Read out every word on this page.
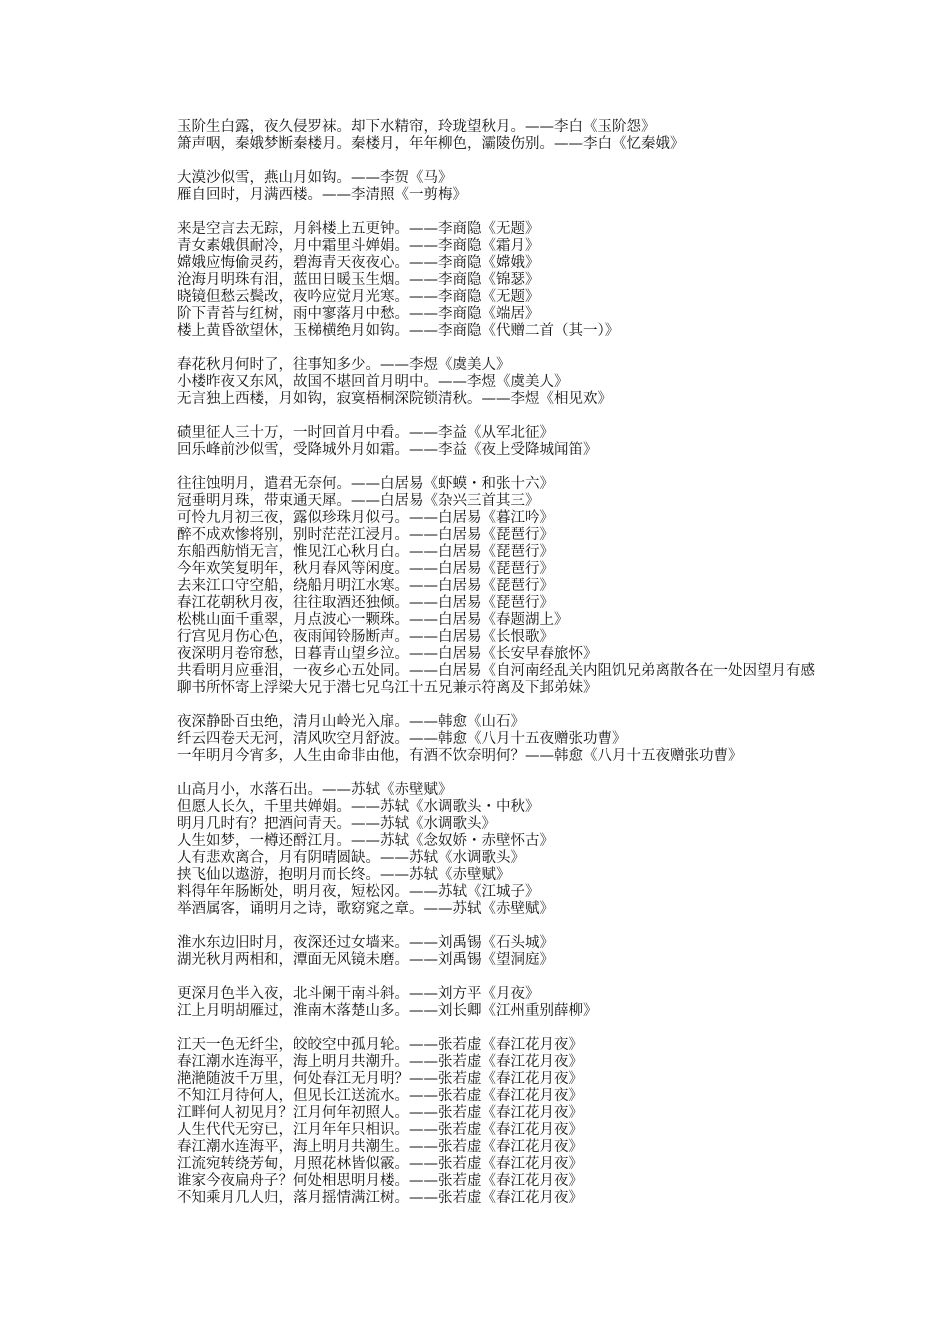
玉阶生白露，夜久侵罗袜。却下水精帘，玲珑望秋月。——李白《玉阶怨》
箫声咽，秦娥梦断秦楼月。秦楼月，年年柳色，灞陵伤别。——李白《忆秦娥》
大漠沙似雪，燕山月如钩。——李贺《马》
雁自回时，月满西楼。——李清照《一剪梅》
来是空言去无踪，月斜楼上五更钟。——李商隐《无题》
青女素娥俱耐冷，月中霜里斗婵娟。——李商隐《霜月》
嫦娥应悔偷灵药，碧海青天夜夜心。——李商隐《嫦娥》
沧海月明珠有泪，蓝田日暖玉生烟。——李商隐《锦瑟》
晓镜但愁云鬓改，夜吟应觉月光寒。——李商隐《无题》
阶下青苔与红树，雨中寥落月中愁。——李商隐《端居》
楼上黄昏欲望休，玉梯横绝月如钩。——李商隐《代赠二首（其一）》
春花秋月何时了，往事知多少。——李煜《虞美人》
小楼昨夜又东风，故国不堪回首月明中。——李煜《虞美人》
无言独上西楼，月如钩，寂寞梧桐深院锁清秋。——李煜《相见欢》
碛里征人三十万，一时回首月中看。——李益《从军北征》
回乐峰前沙似雪，受降城外月如霜。——李益《夜上受降城闻笛》
往往蚀明月，遣君无奈何。——白居易《虾蟆・和张十六》
冠垂明月珠，带束通天犀。——白居易《杂兴三首其三》
可怜九月初三夜，露似珍珠月似弓。——白居易《暮江吟》
醉不成欢惨将别，别时茫茫江浸月。——白居易《琵琶行》
东船西舫悄无言，惟见江心秋月白。——白居易《琵琶行》
今年欢笑复明年，秋月春风等闲度。——白居易《琵琶行》
去来江口守空船，绕船月明江水寒。——白居易《琵琶行》
春江花朝秋月夜，往往取酒还独倾。——白居易《琵琶行》
松桃山面千重翠，月点波心一颗珠。——白居易《春题湖上》
行宫见月伤心色，夜雨闻铃肠断声。——白居易《长恨歌》
夜深明月卷帘愁，日暮青山望乡泣。——白居易《长安早春旅怀》
共看明月应垂泪，一夜乡心五处同。——白居易《自河南经乱关内阻饥兄弟离散各在一处因望月有感聊书所怀寄上浮梁大兄于潜七兄乌江十五兄兼示符离及下邽弟妹》
夜深静卧百虫绝，清月山岭光入扉。——韩愈《山石》
纤云四卷天无河，清风吹空月舒波。——韩愈《八月十五夜赠张功曹》
一年明月今宵多，人生由命非由他，有酒不饮奈明何？——韩愈《八月十五夜赠张功曹》
山高月小，水落石出。——苏轼《赤壁赋》
但愿人长久，千里共婵娟。——苏轼《水调歌头・中秋》
明月几时有？把酒问青天。——苏轼《水调歌头》
人生如梦，一樽还酹江月。——苏轼《念奴娇・赤壁怀古》
人有悲欢离合，月有阴晴圆缺。——苏轼《水调歌头》
挟飞仙以遨游，抱明月而长终。——苏轼《赤壁赋》
料得年年肠断处，明月夜，短松冈。——苏轼《江城子》
举酒属客，诵明月之诗，歌窈窕之章。——苏轼《赤壁赋》
淮水东边旧时月，夜深还过女墙来。——刘禹锡《石头城》
湖光秋月两相和，潭面无风镜未磨。——刘禹锡《望洞庭》
更深月色半入夜，北斗阑干南斗斜。——刘方平《月夜》
江上月明胡雁过，淮南木落楚山多。——刘长卿《江州重别薛柳》
江天一色无纤尘，皎皎空中孤月轮。——张若虚《春江花月夜》
春江潮水连海平，海上明月共潮升。——张若虚《春江花月夜》
滟滟随波千万里，何处春江无月明？——张若虚《春江花月夜》
不知江月待何人，但见长江送流水。——张若虚《春江花月夜》
江畔何人初见月？江月何年初照人。——张若虚《春江花月夜》
人生代代无穷已，江月年年只相识。——张若虚《春江花月夜》
春江潮水连海平，海上明月共潮生。——张若虚《春江花月夜》
江流宛转绕芳甸，月照花林皆似霰。——张若虚《春江花月夜》
谁家今夜扁舟子？何处相思明月楼。——张若虚《春江花月夜》
不知乘月几人归，落月摇情满江树。——张若虚《春江花月夜》
